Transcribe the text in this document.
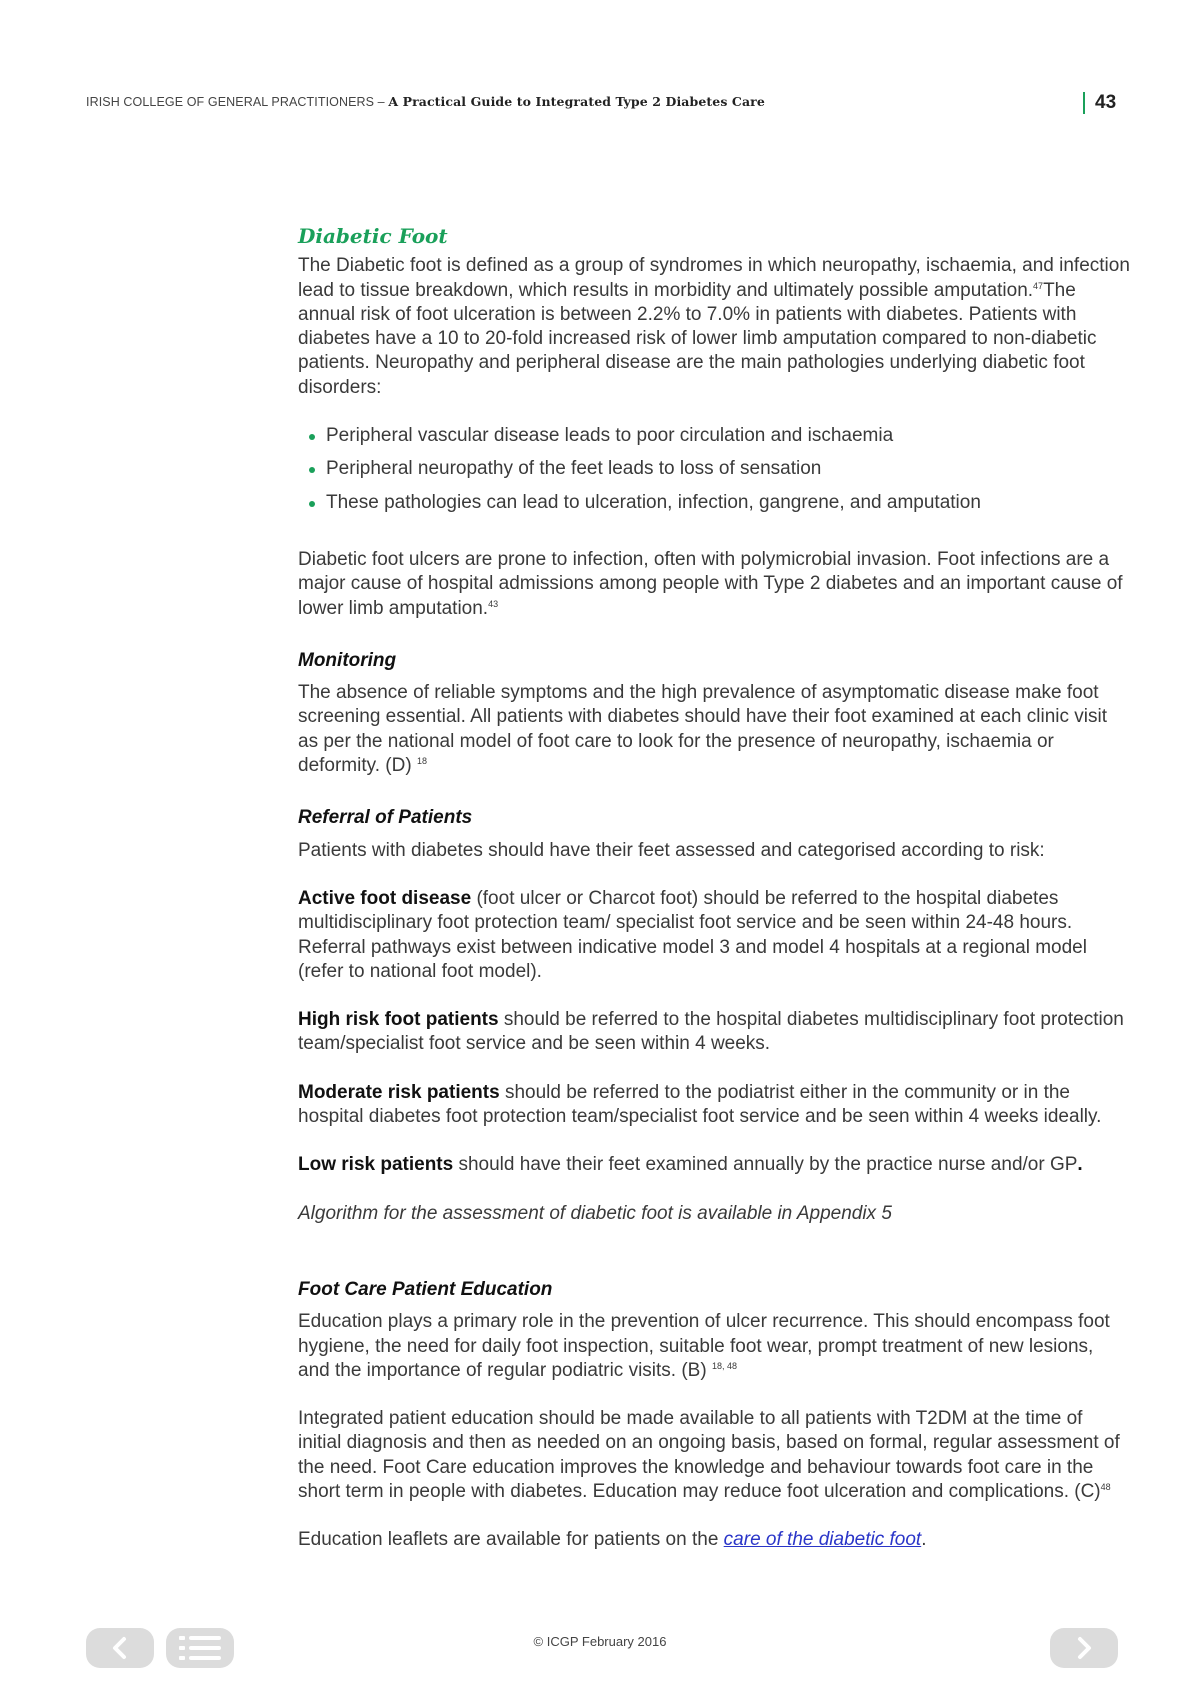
IRISH COLLEGE OF GENERAL PRACTITIONERS – A Practical Guide to Integrated Type 2 Diabetes Care	43
Diabetic Foot

The Diabetic foot is defined as a group of syndromes in which neuropathy, ischaemia, and infection lead to tissue breakdown, which results in morbidity and ultimately possible amputation.$^{47}$The annual risk of foot ulceration is between 2.2% to 7.0% in patients with diabetes. Patients with diabetes have a 10 to 20-fold increased risk of lower limb amputation compared to non-diabetic patients. Neuropathy and peripheral disease are the main pathologies underlying diabetic foot disorders:

Peripheral vascular disease leads to poor circulation and ischaemia
Peripheral neuropathy of the feet leads to loss of sensation
These pathologies can lead to ulceration, infection, gangrene, and amputation

Diabetic foot ulcers are prone to infection, often with polymicrobial invasion. Foot infections are a major cause of hospital admissions among people with Type 2 diabetes and an important cause of lower limb amputation.$^{43}$

Monitoring

The absence of reliable symptoms and the high prevalence of asymptomatic disease make foot screening essential. All patients with diabetes should have their foot examined at each clinic visit as per the national model of foot care to look for the presence of neuropathy, ischaemia or deformity. (D) $^{18}$

Referral of Patients

Patients with diabetes should have their feet assessed and categorised according to risk:

Active foot disease (foot ulcer or Charcot foot) should be referred to the hospital diabetes multidisciplinary foot protection team/ specialist foot service and be seen within 24-48 hours. Referral pathways exist between indicative model 3 and model 4 hospitals at a regional model (refer to national foot model).

High risk foot patients should be referred to the hospital diabetes multidisciplinary foot protection team/specialist foot service and be seen within 4 weeks.

Moderate risk patients should be referred to the podiatrist either in the community or in the hospital diabetes foot protection team/specialist foot service and be seen within 4 weeks ideally.

Low risk patients should have their feet examined annually by the practice nurse and/or GP.

Algorithm for the assessment of diabetic foot is available in Appendix 5

Foot Care Patient Education

Education plays a primary role in the prevention of ulcer recurrence. This should encompass foot hygiene, the need for daily foot inspection, suitable foot wear, prompt treatment of new lesions, and the importance of regular podiatric visits. (B) $^{18, 48}$

Integrated patient education should be made available to all patients with T2DM at the time of initial diagnosis and then as needed on an ongoing basis, based on formal, regular assessment of the need. Foot Care education improves the knowledge and behaviour towards foot care in the short term in people with diabetes. Education may reduce foot ulceration and complications. $(C)^{48}$

Education leaflets are available for patients on the care of the diabetic foot.

© ICGP February 2016
